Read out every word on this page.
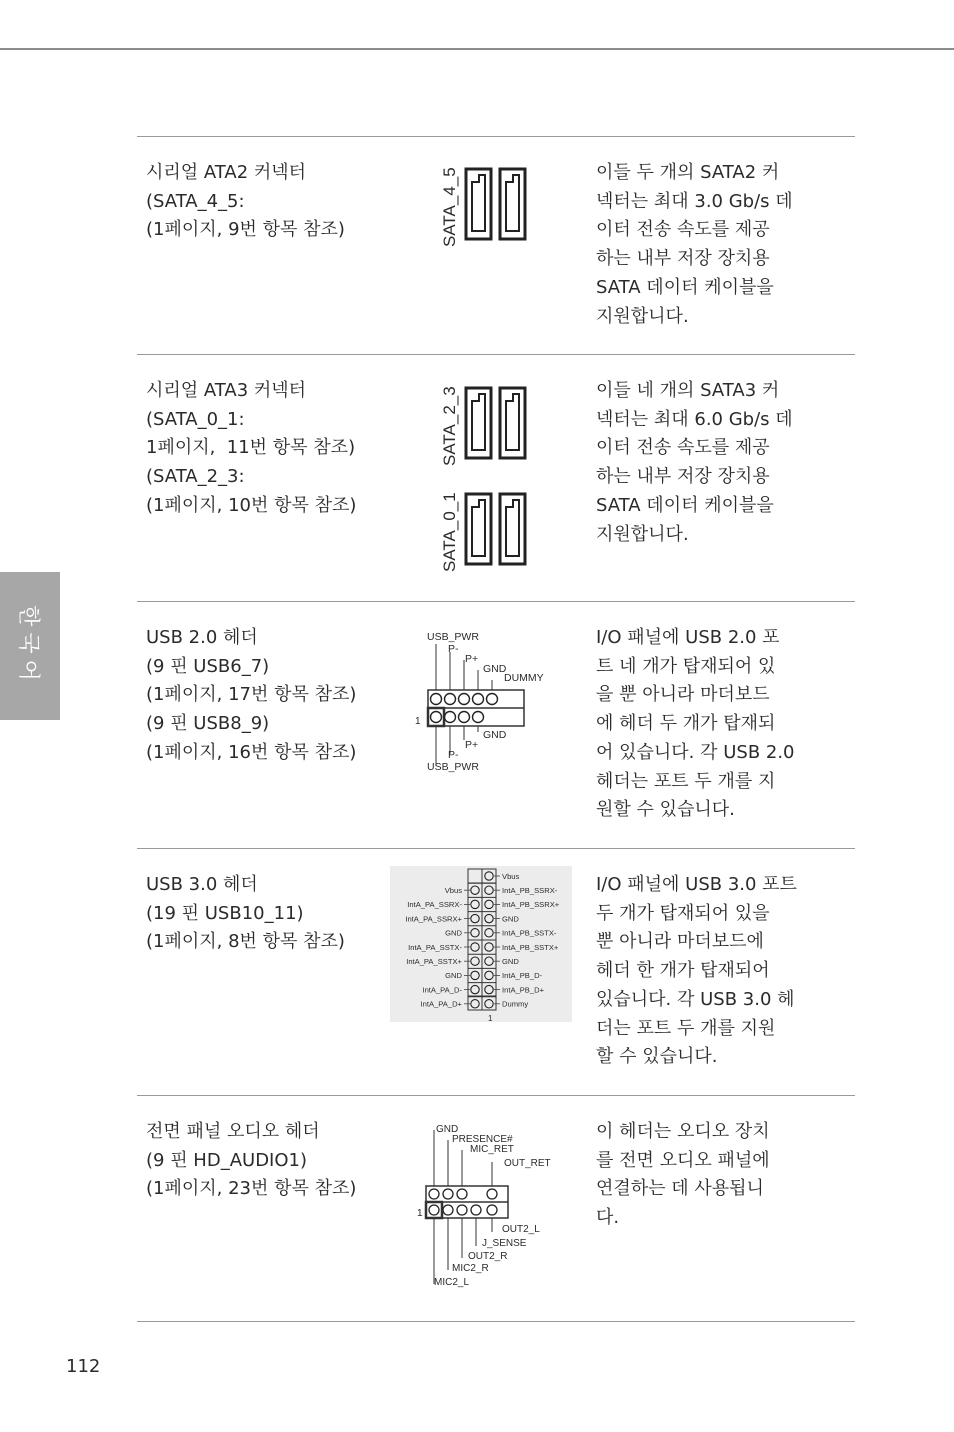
한국어
시리얼 ATA2 커넥터
(SATA_4_5:
(1페이지, 9번 항목 참조)
이들 두 개의 SATA2 커
넥터는 최대 3.0 Gb/s 데
이터 전송 속도를 제공
하는 내부 저장 장치용
SATA 데이터 케이블을
지원합니다.
SATA_4_5
시리얼 ATA3 커넥터
(SATA_0_1:
1페이지,  11번 항목 참조)
(SATA_2_3:
(1페이지, 10번 항목 참조)
이들 네 개의 SATA3 커
넥터는 최대 6.0 Gb/s 데
이터 전송 속도를 제공
하는 내부 저장 장치용
SATA 데이터 케이블을
지원합니다.
SATA_2_3
SATA_0_1
USB 2.0 헤더
(9 핀 USB6_7)
(1페이지, 17번 항목 참조)
(9 핀 USB8_9)
(1페이지, 16번 항목 참조)
I/O 패널에 USB 2.0 포
트 네 개가 탑재되어 있
을 뿐 아니라 마더보드
에 헤더 두 개가 탑재되
어 있습니다. 각 USB 2.0
헤더는 포트 두 개를 지
원할 수 있습니다.
USB_PWR
P-
P+
GND
DUMMY
1
GND
P+
P-
USB_PWR
USB 3.0 헤더
(19 핀 USB10_11)
(1페이지, 8번 항목 참조)
I/O 패널에 USB 3.0 포트
두 개가 탑재되어 있을
뿐 아니라 마더보드에
헤더 한 개가 탑재되어
있습니다. 각 USB 3.0 헤
더는 포트 두 개를 지원
할 수 있습니다.
Vbus
IntA_PA_SSRX-
IntA_PA_SSRX+
GND
IntA_PA_SSTX-
IntA_PA_SSTX+
GND
IntA_PA_D-
IntA_PA_D+
Vbus
IntA_PB_SSRX-
IntA_PB_SSRX+
GND
IntA_PB_SSTX-
IntA_PB_SSTX+
GND
IntA_PB_D-
IntA_PB_D+
Dummy
1
전면 패널 오디오 헤더
(9 핀 HD_AUDIO1)
(1페이지, 23번 항목 참조)
이 헤더는 오디오 장치
를 전면 오디오 패널에
연결하는 데 사용됩니
다.
GND
PRESENCE#
MIC_RET
OUT_RET
1
OUT2_L
J_SENSE
OUT2_R
MIC2_R
MIC2_L
112
